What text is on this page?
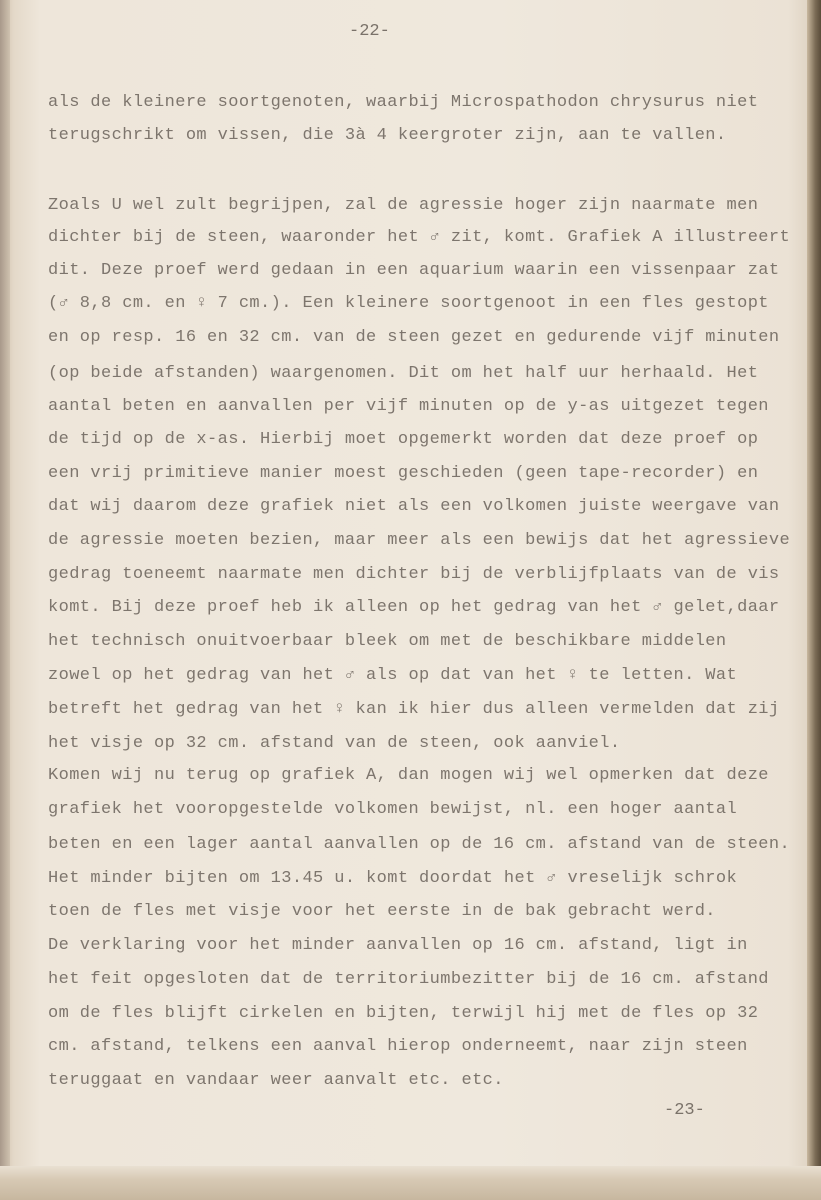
-22-

als de kleinere soortgenoten, waarbij Microspathodon chrysurus niet

terugschrikt om vissen, die 3à 4 keergroter zijn, aan te vallen.

Zoals U wel zult begrijpen, zal de agressie hoger zijn naarmate men

dichter bij de steen, waaronder het ♂ zit, komt. Grafiek A illustreert

dit. Deze proef werd gedaan in een aquarium waarin een vissenpaar zat

(♂ 8,8 cm. en ♀ 7 cm.). Een kleinere soortgenoot in een fles gestopt

en op resp. 16 en 32 cm. van de steen gezet en gedurende vijf minuten

(op beide afstanden) waargenomen. Dit om het half uur herhaald. Het

aantal beten en aanvallen per vijf minuten op de y-as uitgezet tegen

de tijd op de x-as. Hierbij moet opgemerkt worden dat deze proef op

een vrij primitieve manier moest geschieden (geen tape-recorder) en

dat wij daarom deze grafiek niet als een volkomen juiste weergave van

de agressie moeten bezien, maar meer als een bewijs dat het agressieve

gedrag toeneemt naarmate men dichter bij de verblijfplaats van de vis

komt. Bij deze proef heb ik alleen op het gedrag van het ♂ gelet,daar

het technisch onuitvoerbaar bleek om met de beschikbare middelen

zowel op het gedrag van het ♂ als op dat van het ♀ te letten. Wat

betreft het gedrag van het ♀ kan ik hier dus alleen vermelden dat zij

het visje op 32 cm. afstand van de steen, ook aanviel.

Komen wij nu terug op grafiek A, dan mogen wij wel opmerken dat deze

grafiek het vooropgestelde volkomen bewijst, nl. een hoger aantal

beten en een lager aantal aanvallen op de 16 cm. afstand van de steen.

Het minder bijten om 13.45 u. komt doordat het ♂ vreselijk schrok

toen de fles met visje voor het eerste in de bak gebracht werd.

De verklaring voor het minder aanvallen op 16 cm. afstand, ligt in

het feit opgesloten dat de territoriumbezitter bij de 16 cm. afstand

om de fles blijft cirkelen en bijten, terwijl hij met de fles op 32

cm. afstand, telkens een aanval hierop onderneemt, naar zijn steen

teruggaat en vandaar weer aanvalt etc. etc.

-23-
